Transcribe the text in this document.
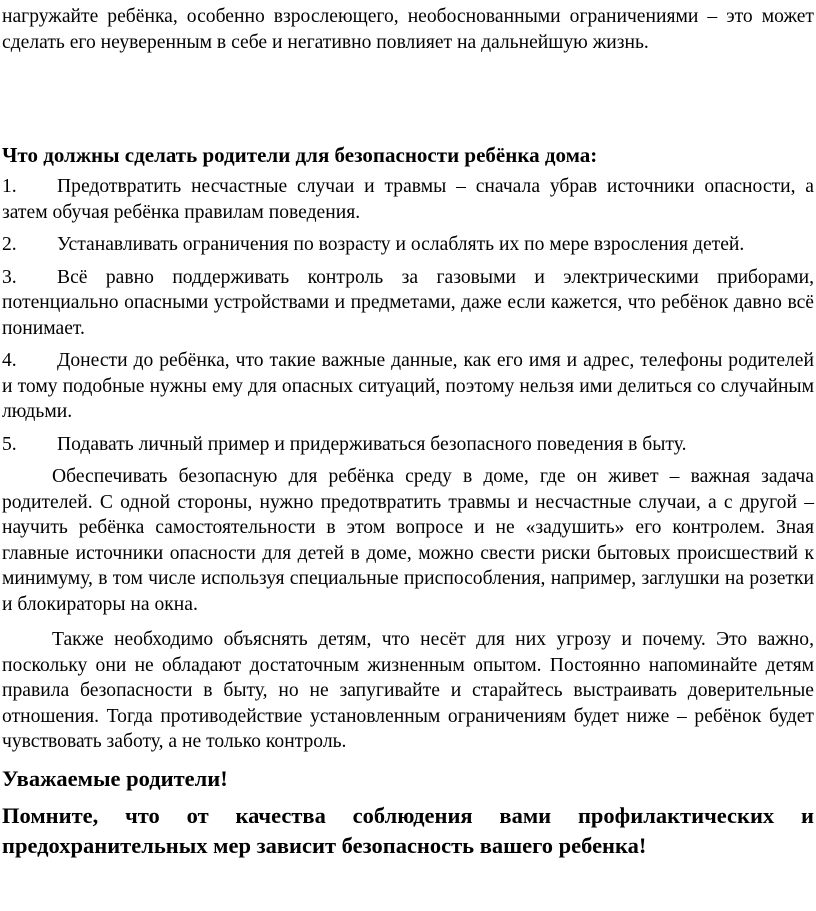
нагружайте ребёнка, особенно взрослеющего, необоснованными ограничениями – это может сделать его неуверенным в себе и негативно повлияет на дальнейшую жизнь.

Что должны сделать родители для безопасности ребёнка дома:

1. Предотвратить несчастные случаи и травмы – сначала убрав источники опасности, а затем обучая ребёнка правилам поведения.

2. Устанавливать ограничения по возрасту и ослаблять их по мере взросления детей.

3. Всё равно поддерживать контроль за газовыми и электрическими приборами, потенциально опасными устройствами и предметами, даже если кажется, что ребёнок давно всё понимает.

4. Донести до ребёнка, что такие важные данные, как его имя и адрес, телефоны родителей и тому подобные нужны ему для опасных ситуаций, поэтому нельзя ими делиться со случайным людьми.

5. Подавать личный пример и придерживаться безопасного поведения в быту.

Обеспечивать безопасную для ребёнка среду в доме, где он живет – важная задача родителей. С одной стороны, нужно предотвратить травмы и несчастные случаи, а с другой – научить ребёнка самостоятельности в этом вопросе и не «задушить» его контролем. Зная главные источники опасности для детей в доме, можно свести риски бытовых происшествий к минимуму, в том числе используя специальные приспособления, например, заглушки на розетки и блокираторы на окна.

Также необходимо объяснять детям, что несёт для них угрозу и почему. Это важно, поскольку они не обладают достаточным жизненным опытом. Постоянно напоминайте детям правила безопасности в быту, но не запугивайте и старайтесь выстраивать доверительные отношения. Тогда противодействие установленным ограничениям будет ниже – ребёнок будет чувствовать заботу, а не только контроль.

Уважаемые родители!

Помните, что от качества соблюдения вами профилактических и предохранительных мер зависит безопасность вашего ребенка!
